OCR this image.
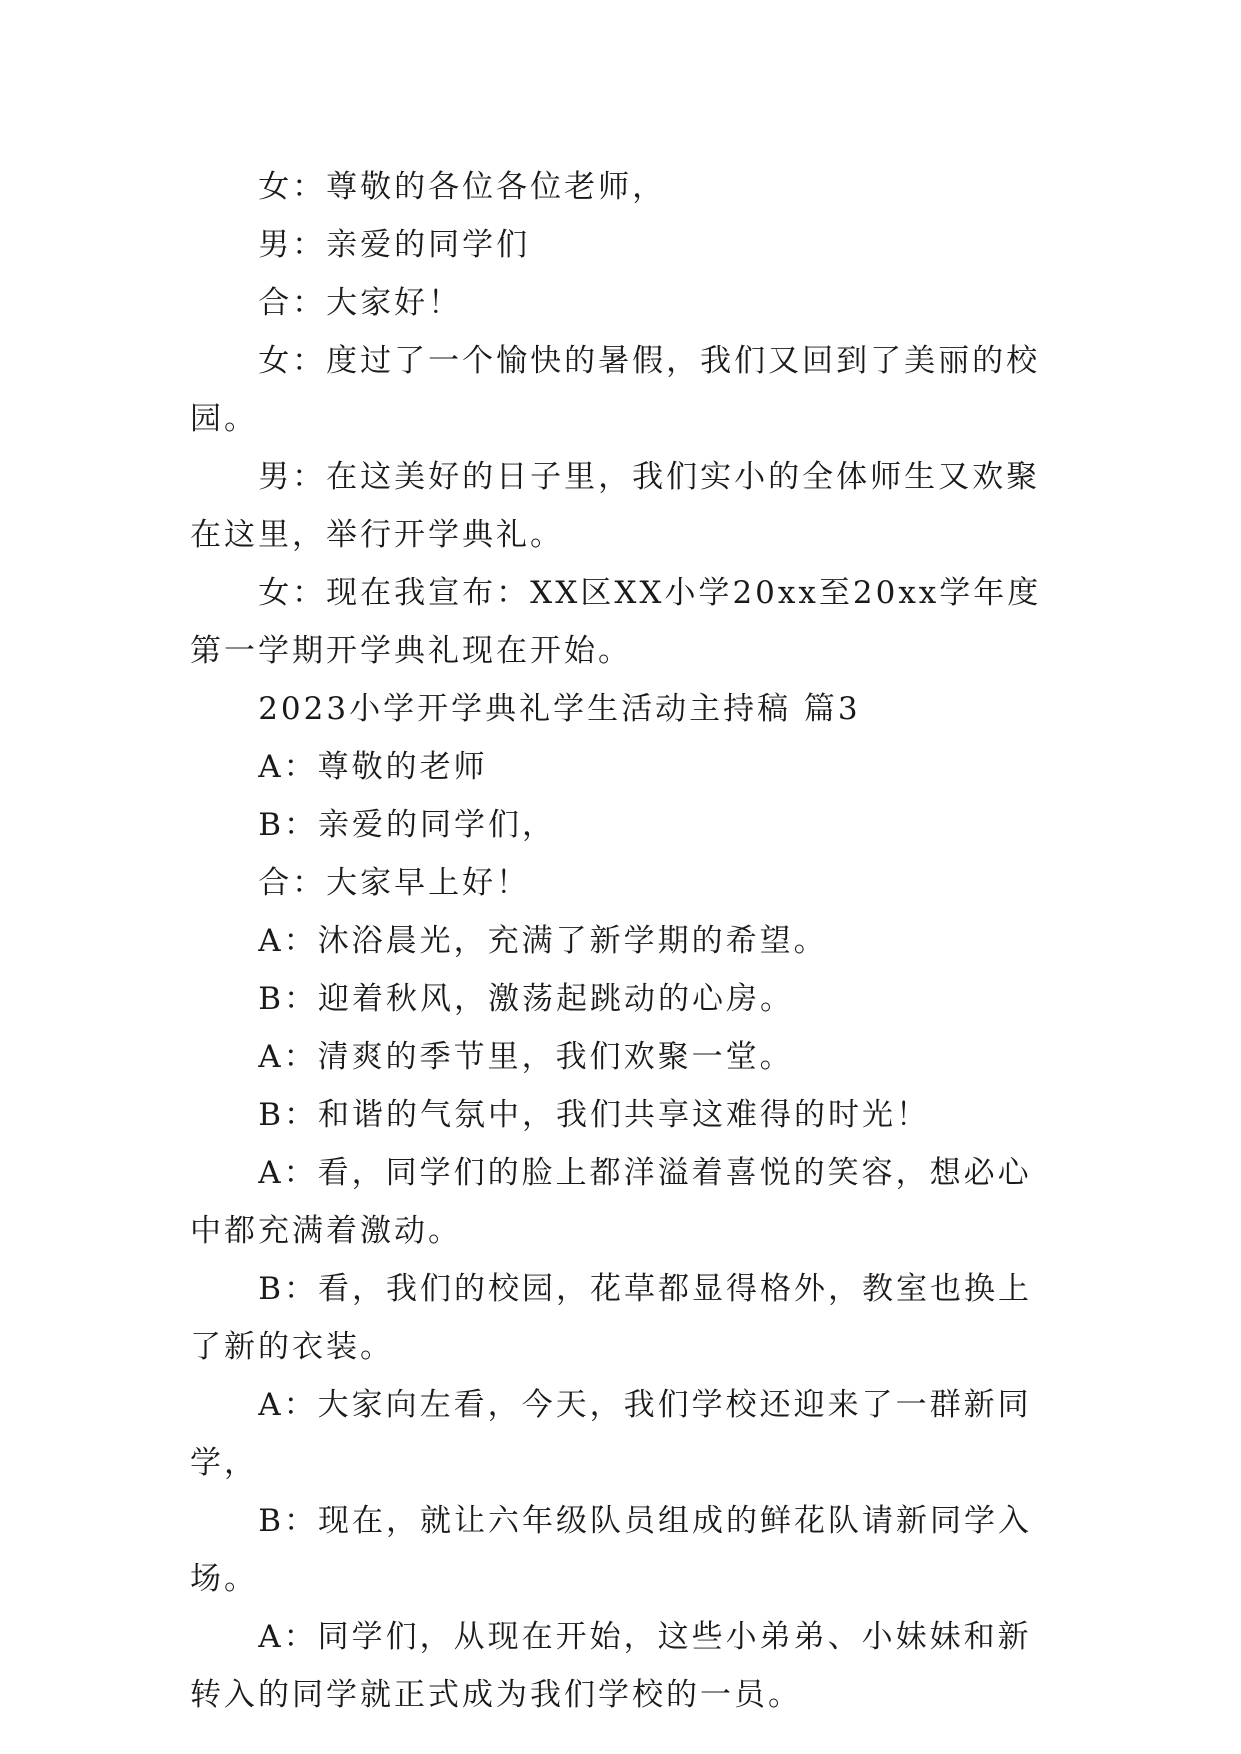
女：尊敬的各位各位老师，

男：亲爱的同学们

合：大家好！

女：度过了一个愉快的暑假，我们又回到了美丽的校园。

男：在这美好的日子里，我们实小的全体师生又欢聚在这里，举行开学典礼。

女：现在我宣布：XX区XX小学20xx至20xx学年度第一学期开学典礼现在开始。

2023小学开学典礼学生活动主持稿 篇3

A：尊敬的老师

B：亲爱的同学们，

合：大家早上好！

A：沐浴晨光，充满了新学期的希望。

B：迎着秋风，激荡起跳动的心房。

A：清爽的季节里，我们欢聚一堂。

B：和谐的气氛中，我们共享这难得的时光！

A：看，同学们的脸上都洋溢着喜悦的笑容，想必心中都充满着激动。

B：看，我们的校园，花草都显得格外，教室也换上了新的衣装。

A：大家向左看，今天，我们学校还迎来了一群新同学，

B：现在，就让六年级队员组成的鲜花队请新同学入场。

A：同学们，从现在开始，这些小弟弟、小妹妹和新转入的同学就正式成为我们学校的一员。
